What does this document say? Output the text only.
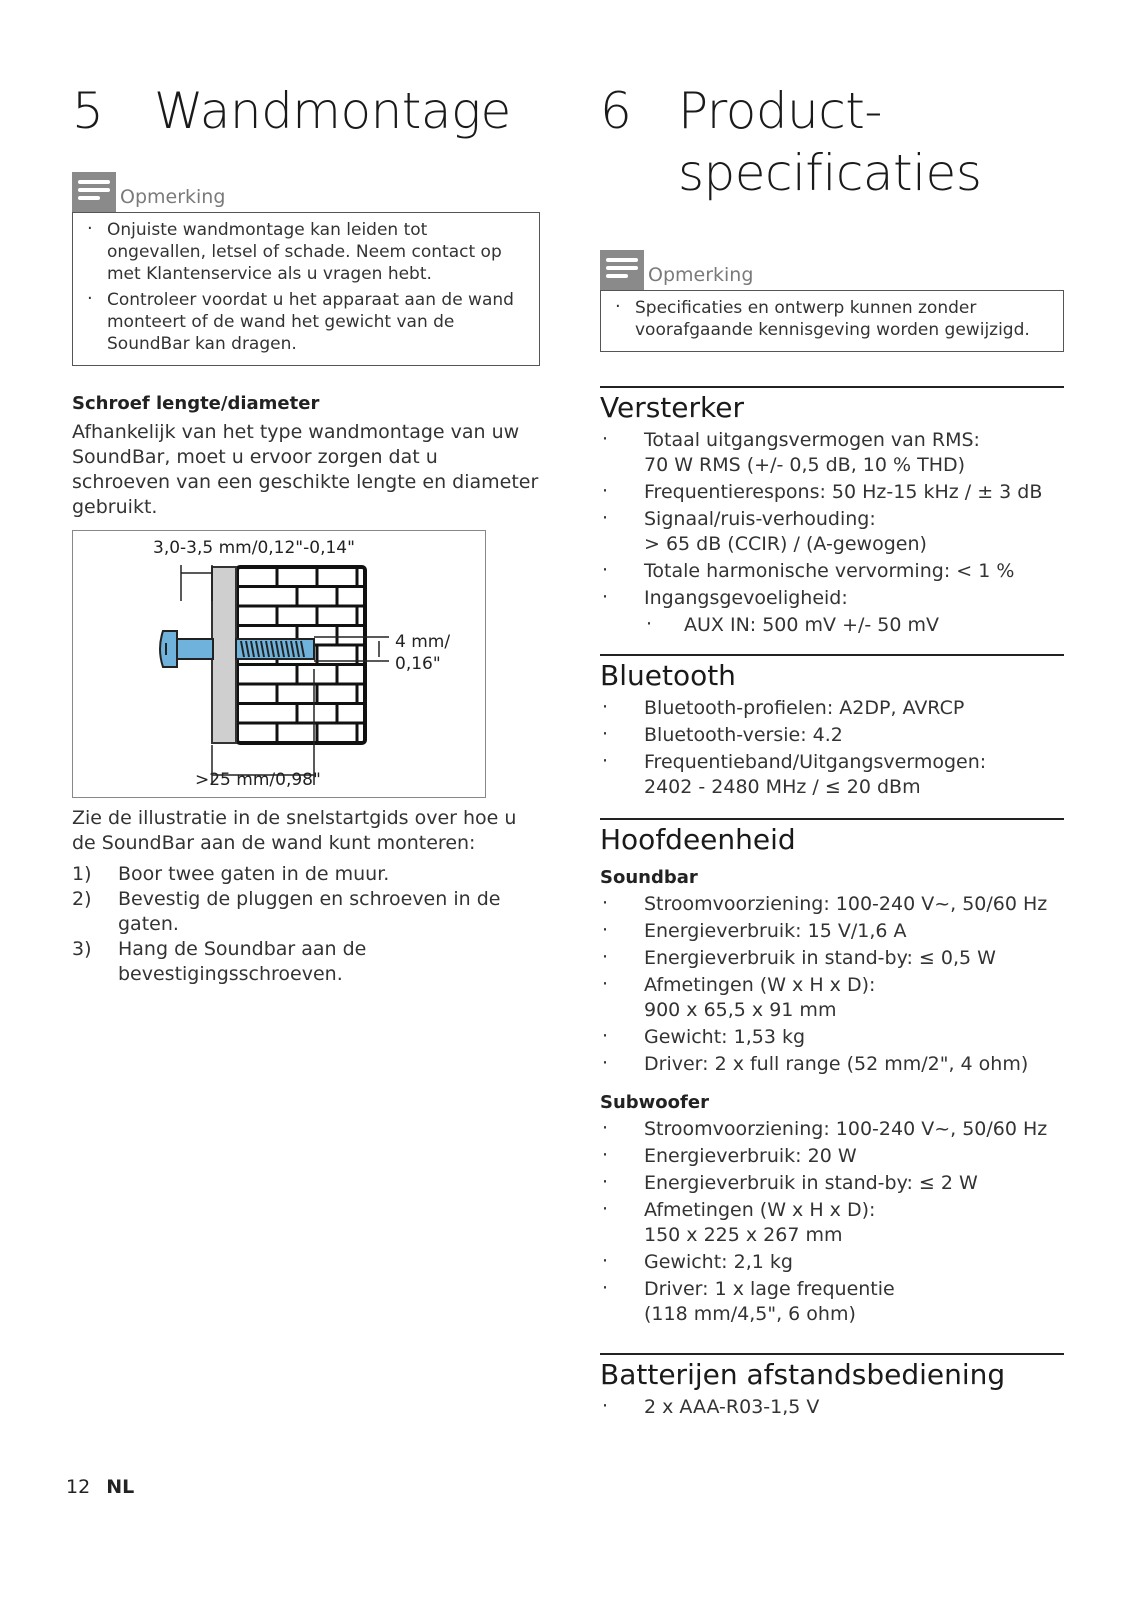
5	Wandmontage
Opmerking
· Onjuiste wandmontage kan leiden tot ongevallen, letsel of schade. Neem contact op met Klantenservice als u vragen hebt.
· Controleer voordat u het apparaat aan de wand monteert of de wand het gewicht van de SoundBar kan dragen.
Schroef lengte/diameter

Afhankelijk van het type wandmontage van uw SoundBar, moet u ervoor zorgen dat u schroeven van een geschikte lengte en diameter gebruikt.

3,0-3,5 mm/0,12"-0,14"
4 mm/
0,16"
>25 mm/0,98"

Zie de illustratie in de snelstartgids over hoe u de SoundBar aan de wand kunt monteren:

1)	Boor twee gaten in de muur.
2)	Bevestig de pluggen en schroeven in de gaten.
3)	Hang de Soundbar aan de bevestigingsschroeven.
6 Product-
specificaties
Opmerking
· Specificaties en ontwerp kunnen zonder voorafgaande kennisgeving worden gewijzigd.
Versterker
· Totaal uitgangsvermogen van RMS:
70 W RMS (+/- 0,5 dB, 10 % THD)
· Frequentierespons: 50 Hz-15 kHz / ± 3 dB
· Signaal/ruis-verhouding:
> 65 dB (CCIR) / (A-gewogen)
· Totale harmonische vervorming: < 1 %
· Ingangsgevoeligheid:
· AUX IN: 500 mV +/- 50 mV
Bluetooth
· Bluetooth-profielen: A2DP, AVRCP
· Bluetooth-versie: 4.2
· Frequentieband/Uitgangsvermogen:
2402 - 2480 MHz / ≤ 20 dBm
Hoofdeenheid
Soundbar
· Stroomvoorziening: 100-240 V~, 50/60 Hz
· Energieverbruik: 15 V/1,6 A
· Energieverbruik in stand-by: ≤ 0,5 W
· Afmetingen (W x H x D):
900 x 65,5 x 91 mm
· Gewicht: 1,53 kg
· Driver: 2 x full range (52 mm/2", 4 ohm)
Subwoofer
· Stroomvoorziening: 100-240 V~, 50/60 Hz
· Energieverbruik: 20 W
· Energieverbruik in stand-by: ≤ 2 W
· Afmetingen (W x H x D):
150 x 225 x 267 mm
· Gewicht: 2,1 kg
· Driver: 1 x lage frequentie
(118 mm/4,5", 6 ohm)
Batterijen afstandsbediening
· 2 x AAA-R03-1,5 V
12 NL
